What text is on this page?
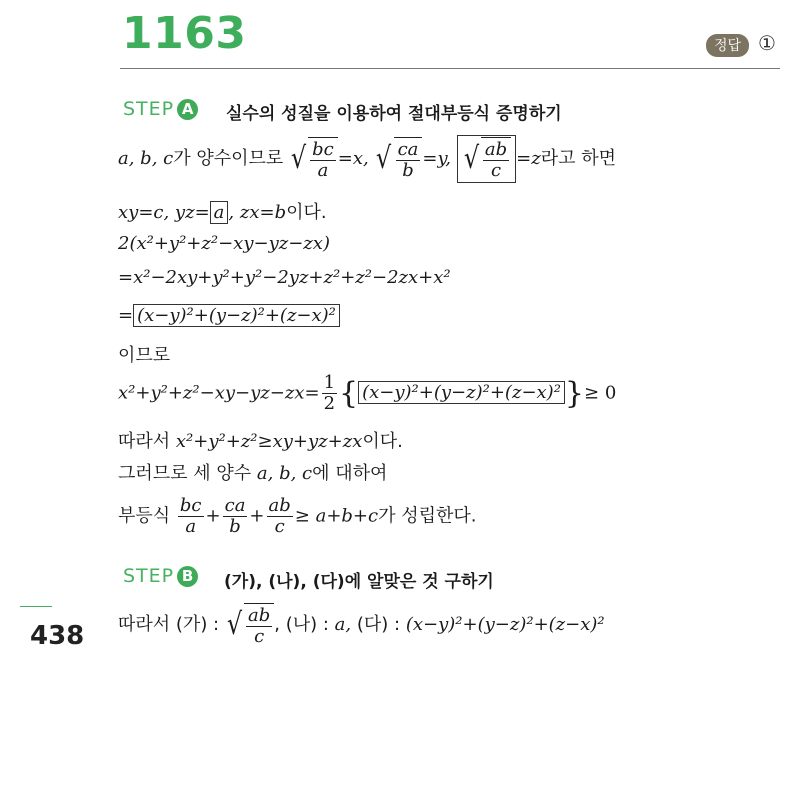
1163	정답 ①
STEP A 실수의 성질을 이용하여 절대부등식 증명하기
a, b, c가 양수이므로 √ $\frac{bc}{a} =x$, √ $\frac{ca}{b} =y$, √ $\frac{ab}{c} =z$라고 하면
xy=c, yz= a , zx=b이다.
2(x²+y²+z²−xy−yz−zx)
=x²−2xy+y²+y²−2yz+z²+z²−2zx+x²
= (x−y)²+(y−z)²+(z−x)²
이므로
$x^2+y^2+z^2-xy-yz-zx= \frac{1}{2}$ { (x−y)²+(y−z)²+(z−x)² }≥ 0
따라서 x²+y²+z²≥xy+yz+zx이다.
그러므로 세 양수 a, b, c에 대하여
부등식 $\frac{bc}{a} + \frac{ca}{b} + \frac{ab}{c} \ge a+b+c$가 성립한다.
STEP B (가), (나), (다)에 알맞은 것 구하기
따라서 (가) : √ $\frac{ab}{c}$ , (나) : a, (다) : (x−y)²+(y−z)²+(z−x)²
438
